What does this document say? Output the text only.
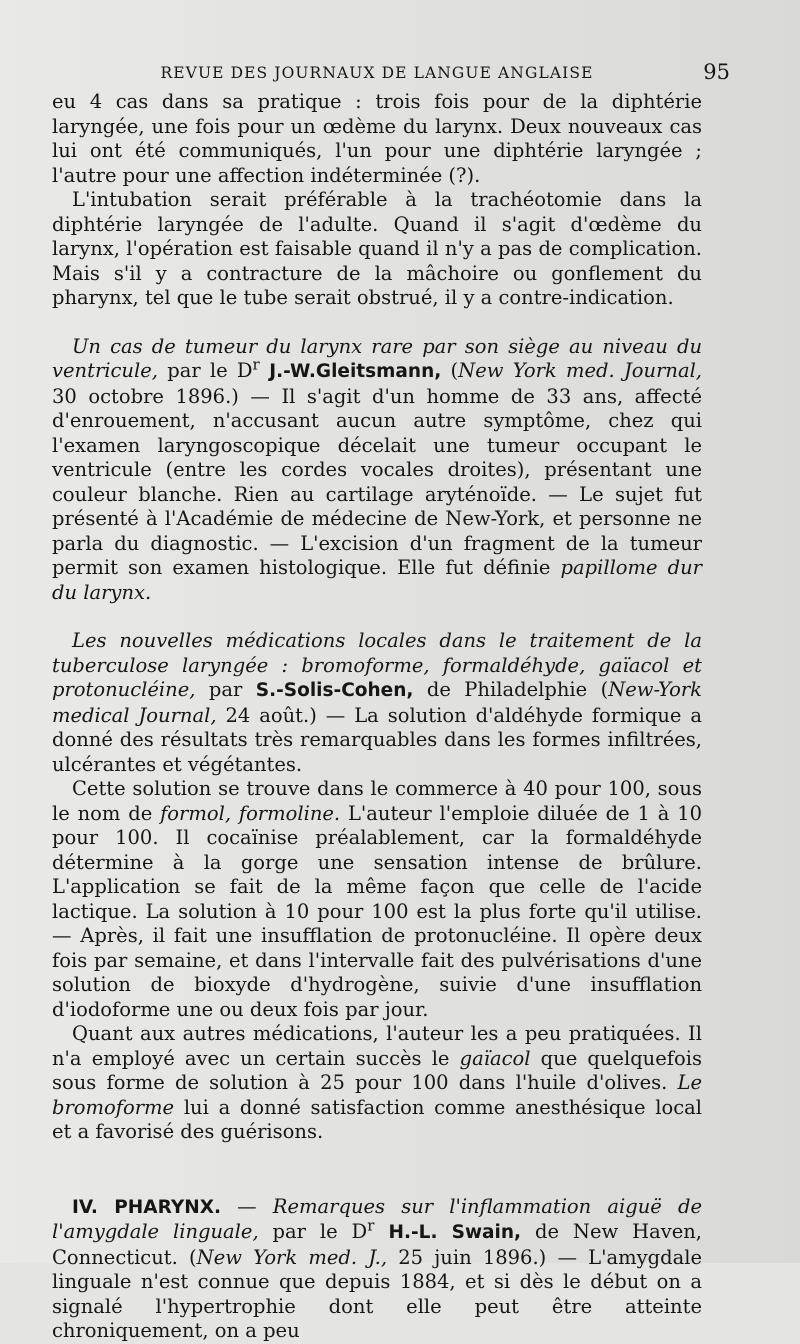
REVUE DES JOURNAUX DE LANGUE ANGLAISE	95

eu 4 cas dans sa pratique : trois fois pour de la diphtérie laryngée, une fois pour un œdème du larynx. Deux nouveaux cas lui ont été communiqués, l'un pour une diphtérie laryngée ; l'autre pour une affection indéterminée (?).

L'intubation serait préférable à la trachéotomie dans la diphtérie laryngée de l'adulte. Quand il s'agit d'œdème du larynx, l'opération est faisable quand il n'y a pas de complication. Mais s'il y a contracture de la mâchoire ou gonflement du pharynx, tel que le tube serait obstrué, il y a contre-indication.

Un cas de tumeur du larynx rare par son siège au niveau du ventricule, par le $D^r$ J.-W.Gleitsmann, (New York med. Journal, 30 octobre 1896.) — Il s'agit d'un homme de 33 ans, affecté d'enrouement, n'accusant aucun autre symptôme, chez qui l'examen laryngoscopique décelait une tumeur occupant le ventricule (entre les cordes vocales droites), présentant une couleur blanche. Rien au cartilage aryténoïde. — Le sujet fut présenté à l'Académie de médecine de New-York, et personne ne parla du diagnostic. — L'excision d'un fragment de la tumeur permit son examen histologique. Elle fut définie papillome dur du larynx.

Les nouvelles médications locales dans le traitement de la tuberculose laryngée : bromoforme, formaldéhyde, gaïacol et protonucléine, par S.-Solis-Cohen, de Philadelphie (New-York medical Journal, 24 août.) — La solution d'aldéhyde formique a donné des résultats très remarquables dans les formes infiltrées, ulcérantes et végétantes.

Cette solution se trouve dans le commerce à 40 pour 100, sous le nom de formol, formoline. L'auteur l'emploie diluée de 1 à 10 pour 100. Il cocaïnise préalablement, car la formaldéhyde détermine à la gorge une sensation intense de brûlure. L'application se fait de la même façon que celle de l'acide lactique. La solution à 10 pour 100 est la plus forte qu'il utilise. — Après, il fait une insufflation de protonucléine. Il opère deux fois par semaine, et dans l'intervalle fait des pulvérisations d'une solution de bioxyde d'hydrogène, suivie d'une insufflation d'iodoforme une ou deux fois par jour.

Quant aux autres médications, l'auteur les a peu pratiquées. Il n'a employé avec un certain succès le gaïacol que quelquefois sous forme de solution à 25 pour 100 dans l'huile d'olives. Le bromoforme lui a donné satisfaction comme anesthésique local et a favorisé des guérisons.

IV. PHARYNX. — Remarques sur l'inflammation aiguë de l'amygdale linguale, par le $D^r$ H.-L. Swain, de New Haven, Connecticut. (New York med. J., 25 juin 1896.) — L'amygdale linguale n'est connue que depuis 1884, et si dès le début on a signalé l'hypertrophie dont elle peut être atteinte chroniquement, on a peu
